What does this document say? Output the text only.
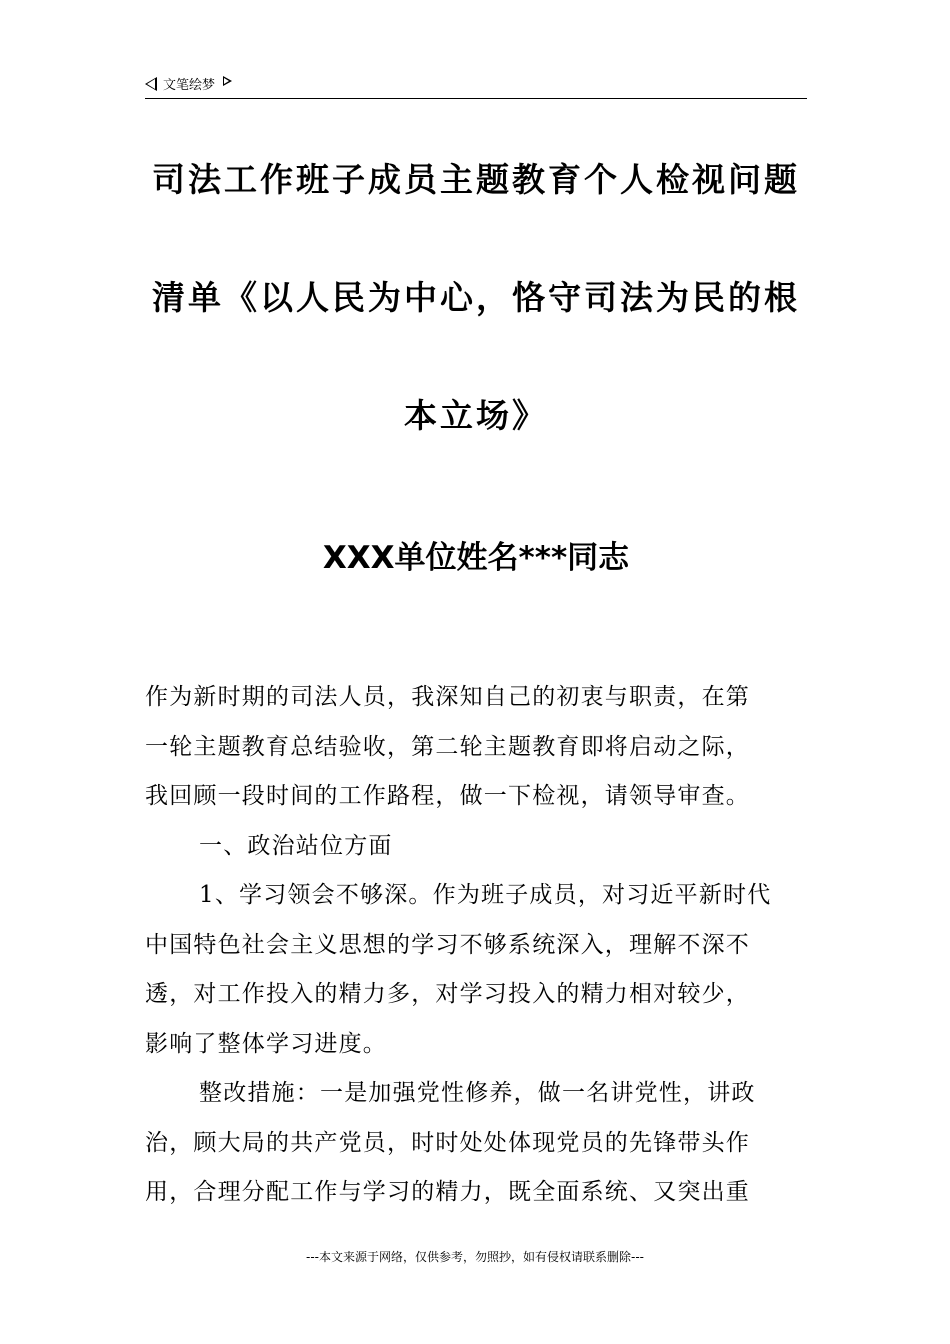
文笔绘梦
司法工作班子成员主题教育个人检视问题
清单《以人民为中心，恪守司法为民的根
本立场》
XXX单位姓名***同志
作为新时期的司法人员，我深知自己的初衷与职责，在第
一轮主题教育总结验收，第二轮主题教育即将启动之际，
我回顾一段时间的工作路程，做一下检视，请领导审查。
一、政治站位方面
1、学习领会不够深。作为班子成员，对习近平新时代
中国特色社会主义思想的学习不够系统深入，理解不深不
透，对工作投入的精力多，对学习投入的精力相对较少，
影响了整体学习进度。
整改措施：一是加强党性修养，做一名讲党性，讲政
治，顾大局的共产党员，时时处处体现党员的先锋带头作
用，合理分配工作与学习的精力，既全面系统、又突出重
---本文来源于网络，仅供参考，勿照抄，如有侵权请联系删除---
